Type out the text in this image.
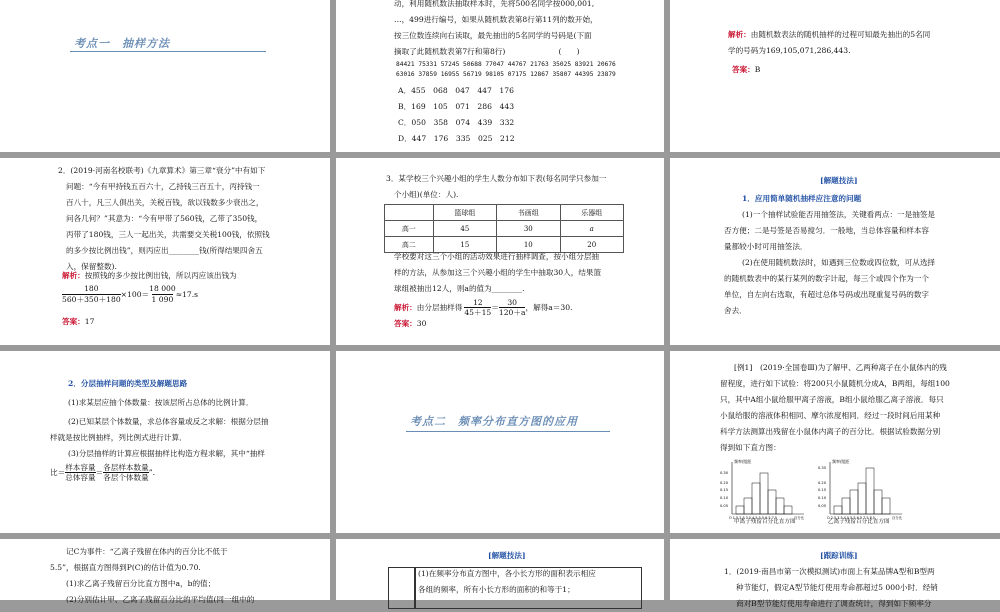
考点一　抽样方法
动，利用随机数法抽取样本时，先将500名同学按000,001,
…，499进行编号，如果从随机数表第8行第11列的数开始，
按三位数连续向右读取，最先抽出的5名同学的号码是(下面
摘取了此随机数表第7行和第8行)　　　　　　　(　　)
84421 75331 57245 50688 77047 44767 21763 35025 83921 20676
63016 37859 16955 56719 98105 07175 12867 35807 44395 23879
A．455　068　047　447　176
B．169　105　071　286　443
C．050　358　074　439　332
D．447　176　335　025　212
解析：由随机数表法的随机抽样的过程可知最先抽出的5名同
学的号码为169,105,071,286,443.
答案：B
2．(2019·河南名校联考)《九章算术》第三章“衰分”中有如下
问题：“今有甲持钱五百六十，乙持钱三百五十，丙持钱一
百八十，凡三人俱出关，关税百钱，欲以钱数多少衰出之，
问各几何？”其意为：“今有甲带了560钱，乙带了350钱，
丙带了180钱，三人一起出关，共需要交关税100钱，依照钱
的多少按比例出钱”，则丙应出________钱(所得结果四舍五
入，保留整数).
解析：按照钱的多少按比例出钱，所以丙应该出钱为
$\frac{180}{560+350+180} \times 100= \frac{18 000}{1 090} \approx 17.s$
答案：17
3．某学校三个兴趣小组的学生人数分布如下表(每名同学只参加一
个小组)(单位：人).
	篮球组	书画组	乐器组
高一	45	30	a
高二	15	10	20
学校要对这三个小组的活动效果进行抽样调查，按小组分层抽
样的方法，从参加这三个兴趣小组的学生中抽取30人，结果篮
球组被抽出12人，则a的值为________.
解析： 由分层抽样得 $\frac{12}{45+15} = \frac{30}{120+a}$ ，解得a＝30.
答案：30
[解题技法]
1．应用简单随机抽样应注意的问题
(1)一个抽样试验能否用抽签法，关键看两点：一是抽签是
否方便；二是号签是否易搅匀．一般地，当总体容量和样本容
量都较小时可用抽签法．
(2)在使用随机数法时，如遇到三位数或四位数，可从选择
的随机数表中的某行某列的数字计起，每三个或四个作为一个
单位，自左向右选取，有超过总体号码或出现重复号码的数字
舍去．
2．分层抽样问题的类型及解题思路
(1)求某层应抽个体数量：按该层所占总体的比例计算．
(2)已知某层个体数量，求总体容量或反之求解：根据分层抽
样就是按比例抽样，列比例式进行计算．
(3)分层抽样的计算应根据抽样比构造方程求解，其中“抽样
比＝
样本容量
总体容量
＝
各层样本数量
各层个体数量
”.
考点二　频率分布直方图的应用
[例1]　(2019·全国卷Ⅲ)为了解甲、乙两种离子在小鼠体内的残
留程度，进行如下试验：将200只小鼠随机分成A，B两组，每组100
只，其中A组小鼠给服甲离子溶液，B组小鼠给服乙离子溶液．每只
小鼠给服的溶液体积相同、摩尔浓度相同．经过一段时间后用某种
科学方法测算出残留在小鼠体内离子的百分比．根据试验数据分别
得到如下直方图：
频率/组距
0.30
0.20
0.15
0.10
0.05
O 1.5 2.5 3.5 4.5 5.5 6.5 7.5	百分比
甲离子残留百分比直方图
频率/组距
0.35
0.20
0.15
0.10
0.05
O 2.5 3.5 4.5 5.5 6.5 7.5 8.5	百分比
乙离子残留百分比直方图
记C为事件：“乙离子残留在体内的百分比不低于
5.5”，根据直方图得到P(C)的估计值为0.70.
(1)求乙离子残留百分比直方图中a，b的值；
(2)分别估计甲、乙离子残留百分比的平均值(同一组中的
[解题技法]
(1)在频率分布直方图中，各小长方形的面积表示相应
各组的频率，所有小长方形的面积的和等于1；
[跟踪训练]
1．(2019·南昌市第一次模拟测试)市面上有某品牌A型和B型两
种节能灯，假定A型节能灯使用寿命都超过5 000小时．经销
商对B型节能灯使用寿命进行了调查统计，得到如下频率分
